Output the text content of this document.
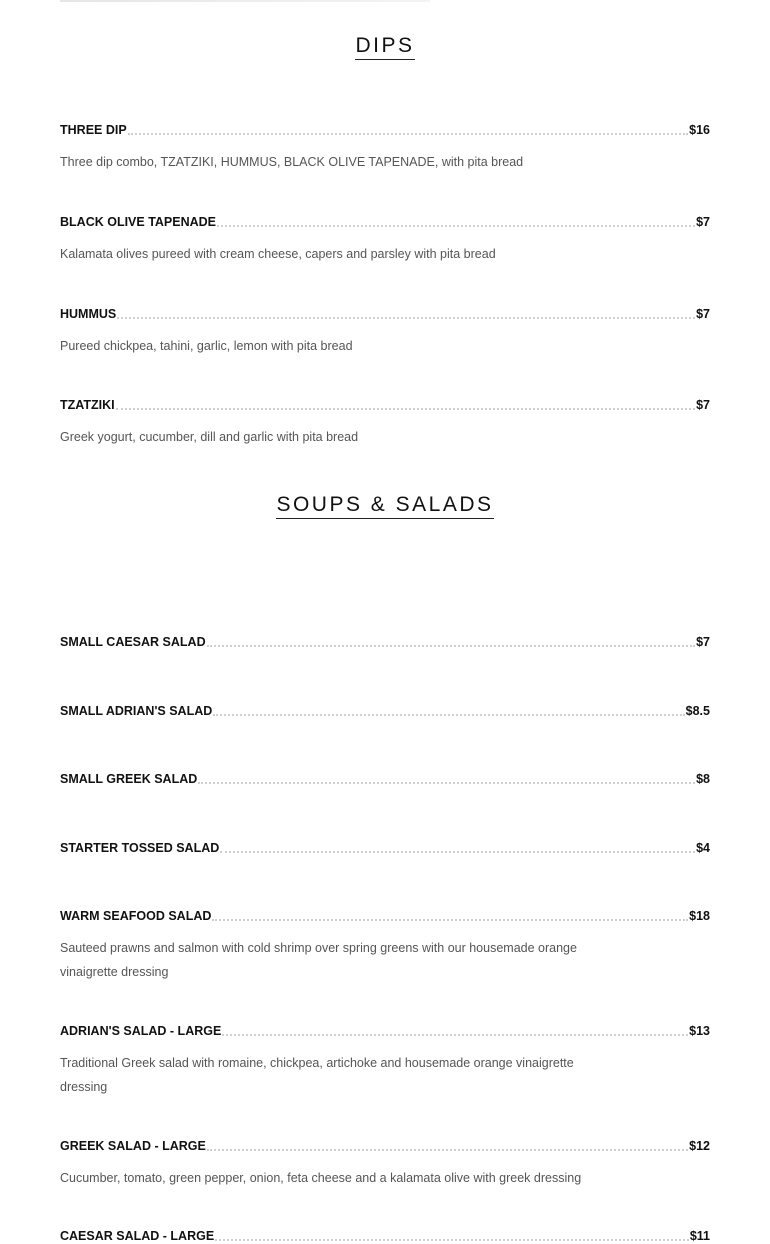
DIPS
THREE DIP	$16
Three dip combo, TZATZIKI, HUMMUS, BLACK OLIVE TAPENADE, with pita bread
BLACK OLIVE TAPENADE	$7
Kalamata olives pureed with cream cheese, capers and parsley with pita bread
HUMMUS	$7
Pureed chickpea, tahini, garlic, lemon with pita bread
TZATZIKI	$7
Greek yogurt, cucumber, dill and garlic with pita bread
SOUPS & SALADS
SMALL CAESAR SALAD	$7
SMALL ADRIAN'S SALAD	$8.5
SMALL GREEK SALAD	$8
STARTER TOSSED SALAD	$4
WARM SEAFOOD SALAD	$18
Sauteed prawns and salmon with cold shrimp over spring greens with our housemade orange vinaigrette dressing
ADRIAN'S SALAD - LARGE	$13
Traditional Greek salad with romaine, chickpea, artichoke and housemade orange vinaigrette dressing
GREEK SALAD - LARGE	$12
Cucumber, tomato, green pepper, onion, feta cheese and a kalamata olive with greek dressing
CAESAR SALAD - LARGE	$11
